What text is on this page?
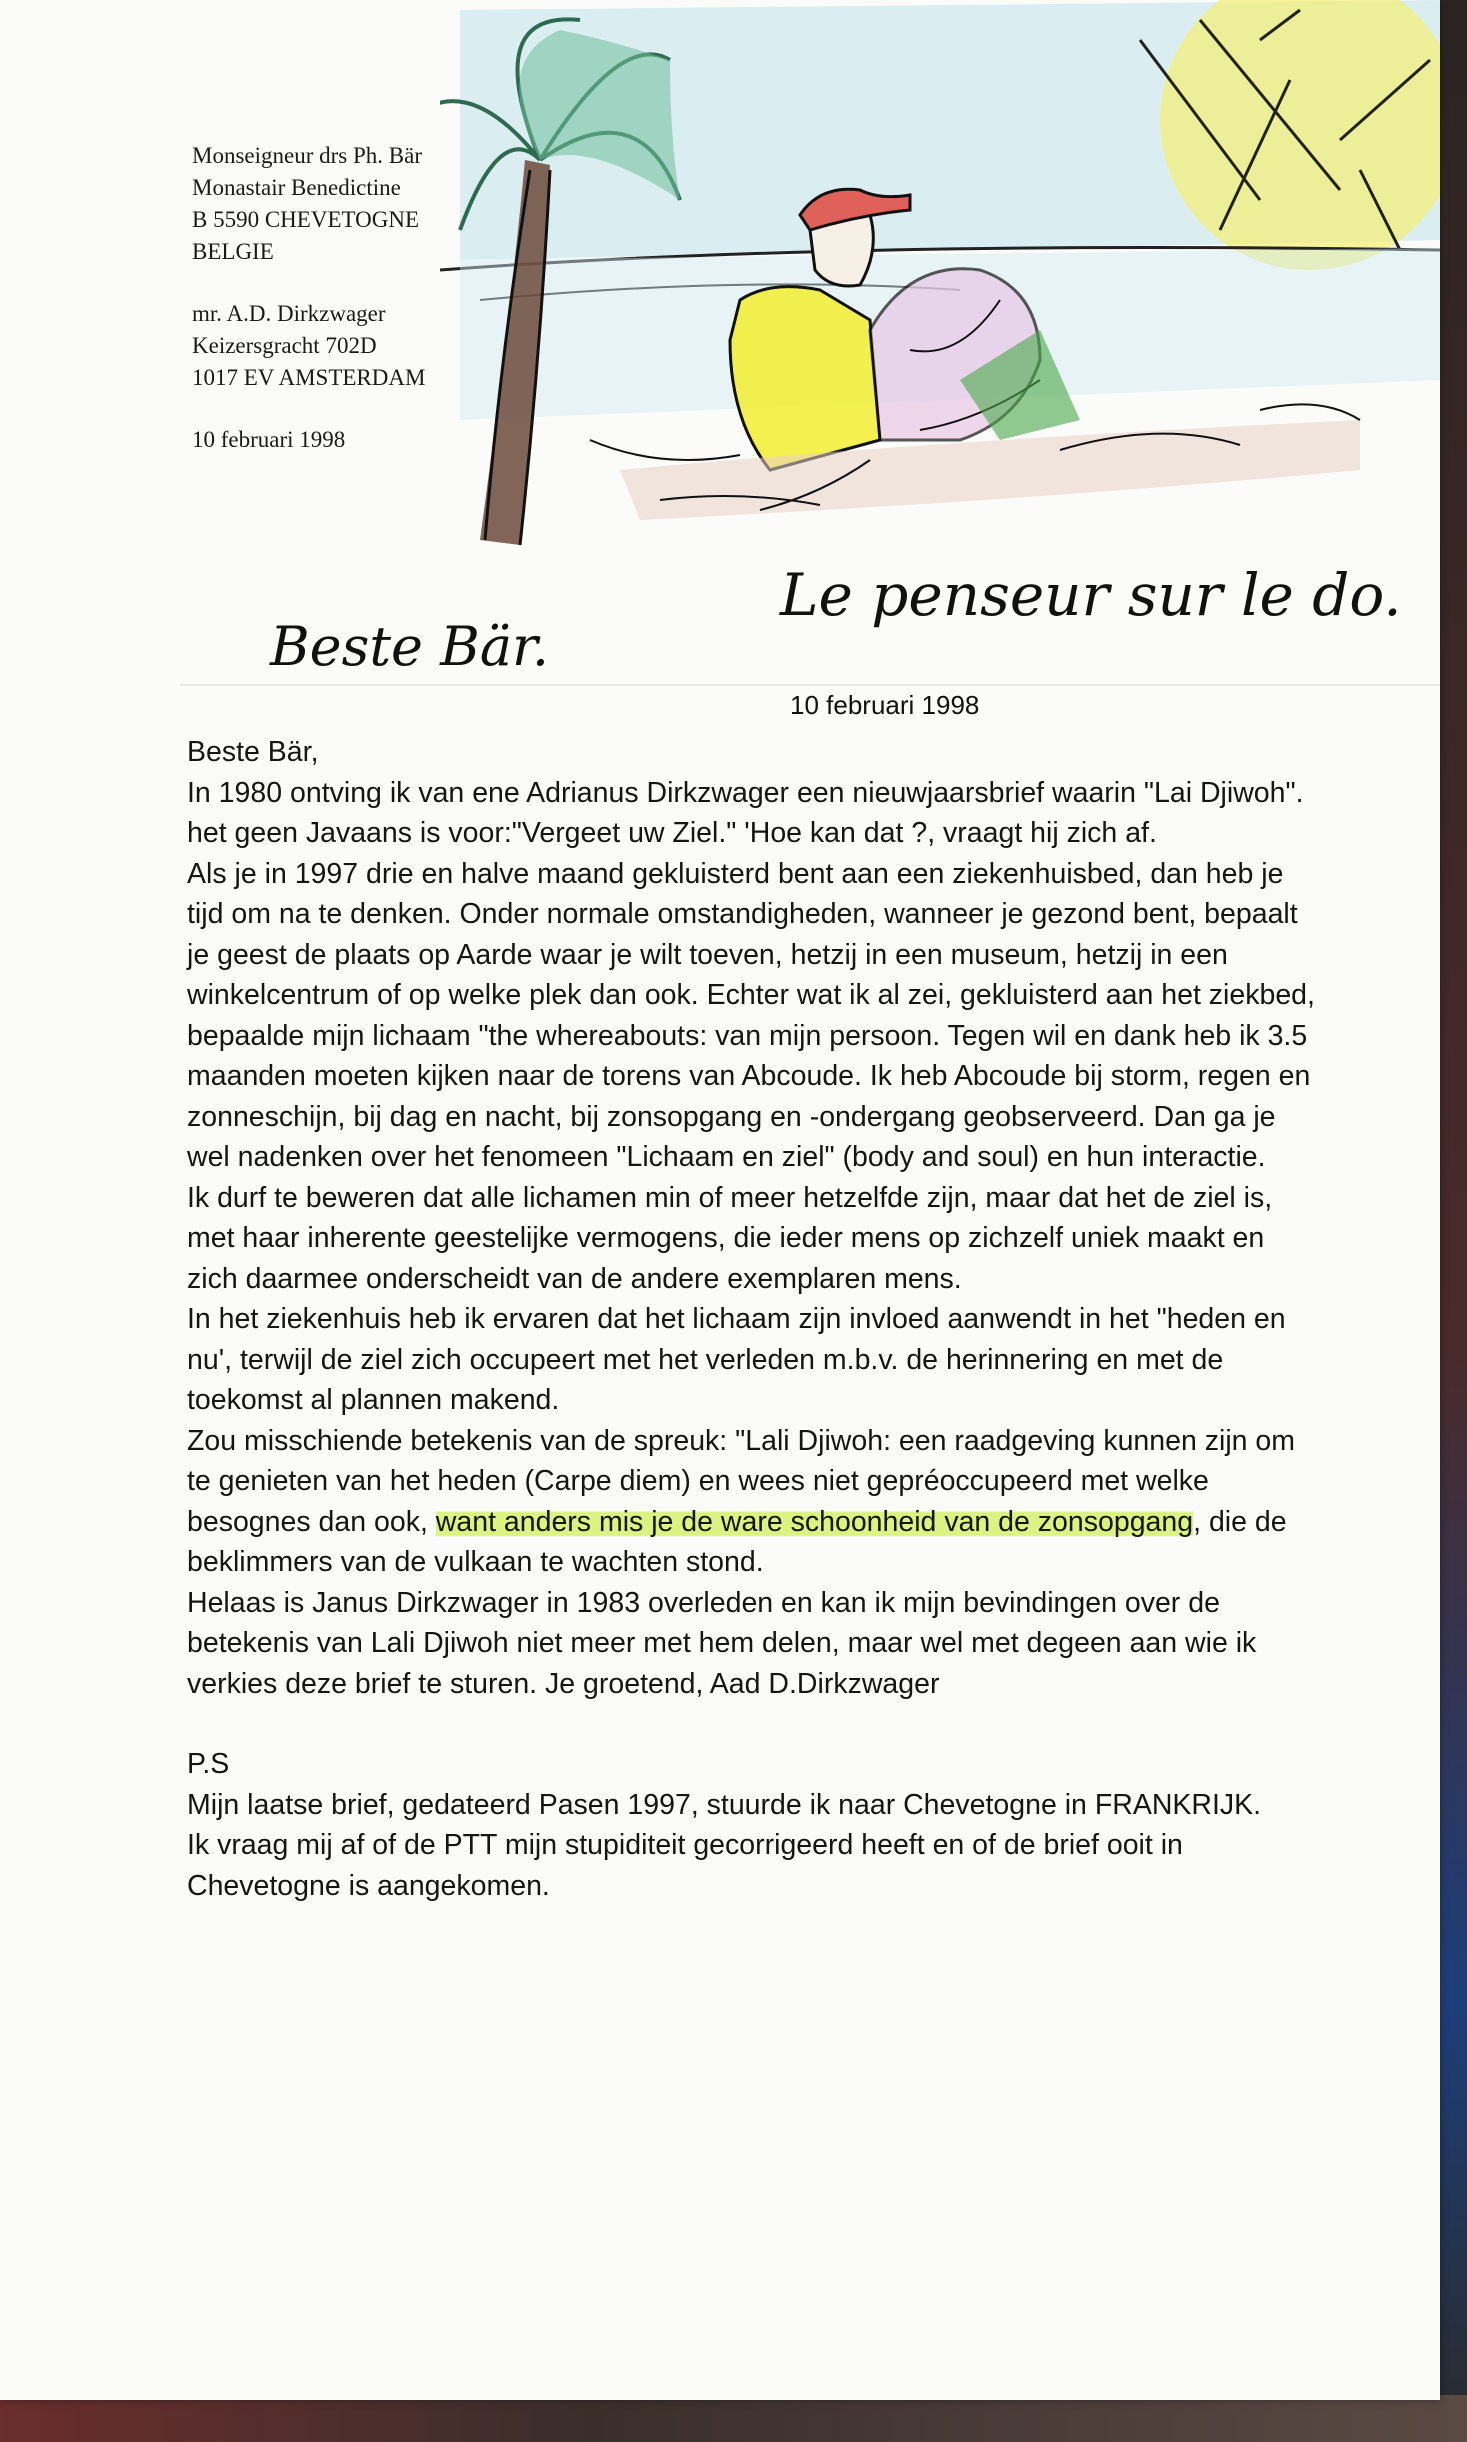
Le penseur sur le do.
Beste Bär.
Monseigneur drs Ph. Bär
Monastair Benedictine
B 5590 CHEVETOGNE
BELGIE
mr. A.D. Dirkzwager
Keizersgracht 702D
1017 EV AMSTERDAM
10 februari 1998
10 februari 1998

Beste Bär,

In 1980 ontving ik van ene Adrianus Dirkzwager een nieuwjaarsbrief waarin "Lai Djiwoh". het geen Javaans is voor:"Vergeet uw Ziel." 'Hoe kan dat ?, vraagt hij zich af.

Als je in 1997 drie en halve maand gekluisterd bent aan een ziekenhuisbed, dan heb je tijd om na te denken. Onder normale omstandigheden, wanneer je gezond bent, bepaalt je geest de plaats op Aarde waar je wilt toeven, hetzij in een museum, hetzij in een winkelcentrum of op welke plek dan ook. Echter wat ik al zei, gekluisterd aan het ziekbed, bepaalde mijn lichaam "the whereabouts: van mijn persoon. Tegen wil en dank heb ik 3.5 maanden moeten kijken naar de torens van Abcoude. Ik heb Abcoude bij storm, regen en zonneschijn, bij dag en nacht, bij zonsopgang en -ondergang geobserveerd. Dan ga je wel nadenken over het fenomeen "Lichaam en ziel" (body and soul) en hun interactie.

Ik durf te beweren dat alle lichamen min of meer hetzelfde zijn, maar dat het de ziel is, met haar inherente geestelijke vermogens, die ieder mens op zichzelf uniek maakt en zich daarmee onderscheidt van de andere exemplaren mens.

In het ziekenhuis heb ik ervaren dat het lichaam zijn invloed aanwendt in het "heden en nu', terwijl de ziel zich occupeert met het verleden m.b.v. de herinnering en met de toekomst al plannen makend.

Zou misschiende betekenis van de spreuk: "Lali Djiwoh: een raadgeving kunnen zijn om te genieten van het heden (Carpe diem) en wees niet gepréoccupeerd met welke besognes dan ook, want anders mis je de ware schoonheid van de zonsopgang, die de beklimmers van de vulkaan te wachten stond.

Helaas is Janus Dirkzwager in 1983 overleden en kan ik mijn bevindingen over de betekenis van Lali Djiwoh niet meer met hem delen, maar wel met degeen aan wie ik verkies deze brief te sturen. Je groetend, Aad D.Dirkzwager

P.S

Mijn laatse brief, gedateerd Pasen 1997, stuurde ik naar Chevetogne in FRANKRIJK.

Ik vraag mij af of de PTT mijn stupiditeit gecorrigeerd heeft en of de brief ooit in Chevetogne is aangekomen.
